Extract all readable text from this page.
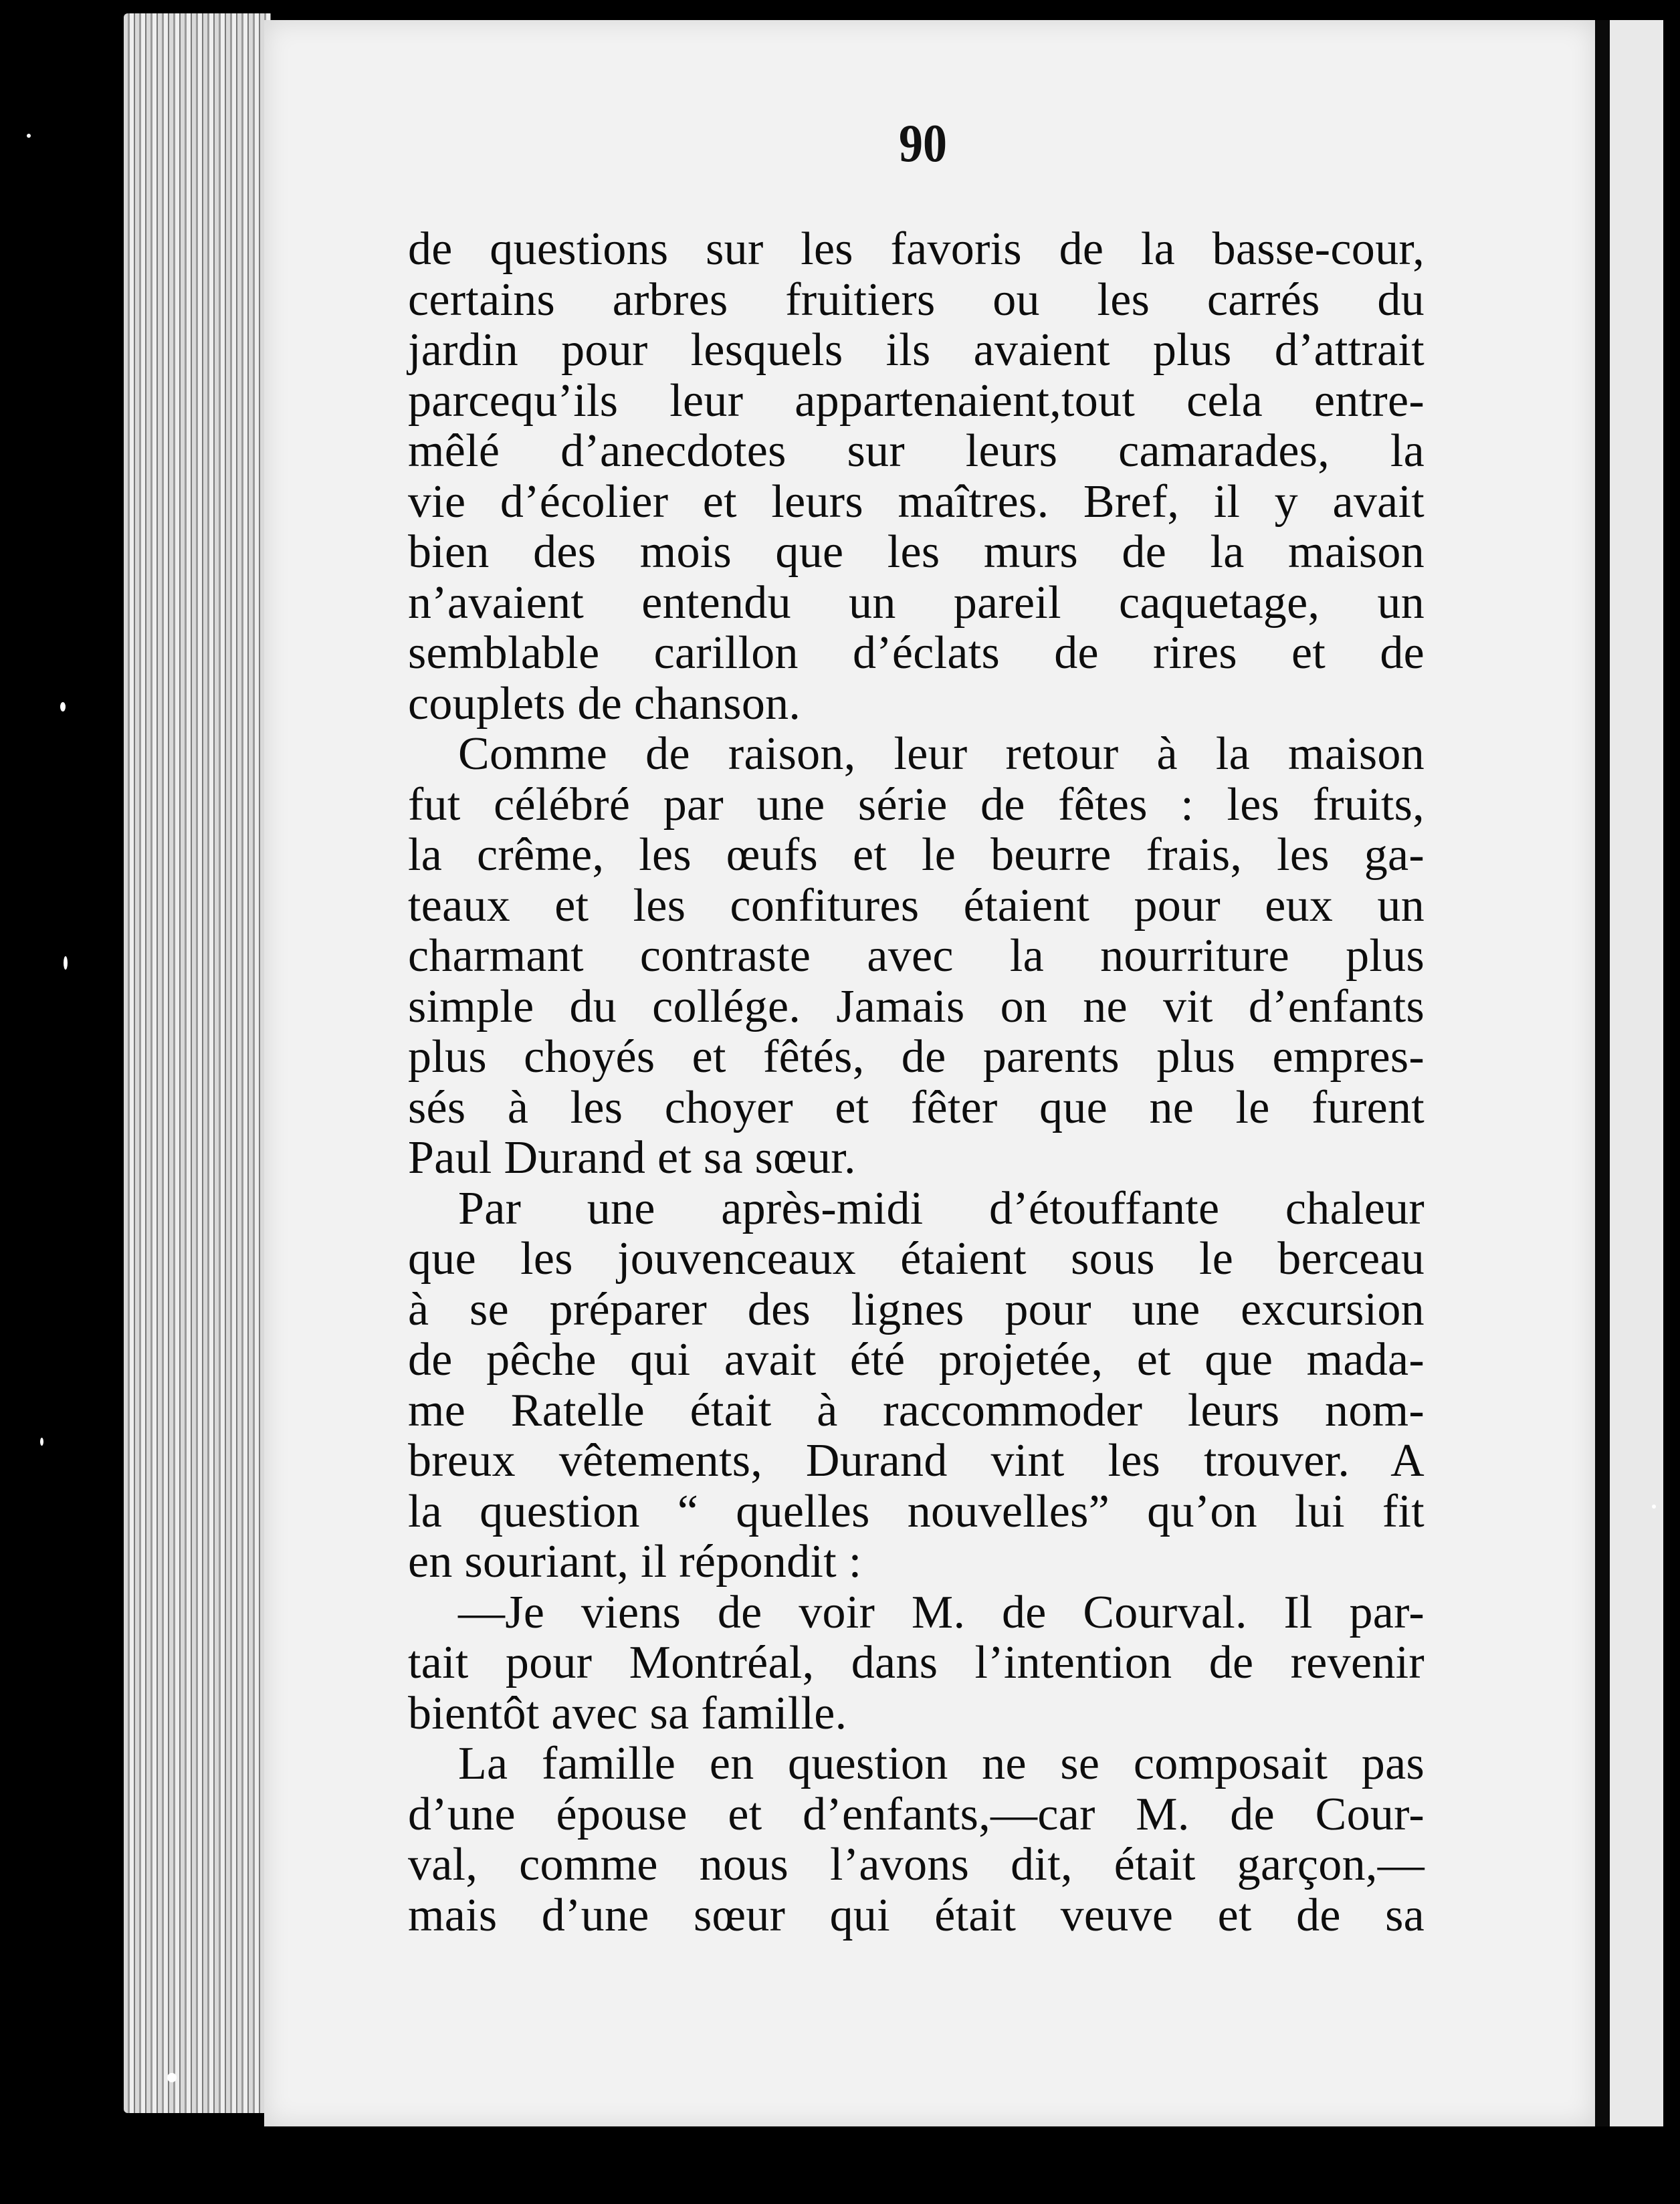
90
de questions sur les favoris de la basse-cour,
certains arbres fruitiers ou les carrés du
jardin pour lesquels ils avaient plus d’attrait
parcequ’ils leur appartenaient,tout cela entre-
mêlé d’anecdotes sur leurs camarades, la
vie d’écolier et leurs maîtres. Bref, il y avait
bien des mois que les murs de la maison
n’avaient entendu un pareil caquetage, un
semblable carillon d’éclats de rires et de
couplets de chanson.
Comme de raison, leur retour à la maison
fut célébré par une série de fêtes : les fruits,
la crême, les œufs et le beurre frais, les ga-
teaux et les confitures étaient pour eux un
charmant contraste avec la nourriture plus
simple du collége. Jamais on ne vit d’enfants
plus choyés et fêtés, de parents plus empres-
sés à les choyer et fêter que ne le furent
Paul Durand et sa sœur.
Par une après-midi d’étouffante chaleur
que les jouvenceaux étaient sous le berceau
à se préparer des lignes pour une excursion
de pêche qui avait été projetée, et que mada-
me Ratelle était à raccommoder leurs nom-
breux vêtements, Durand vint les trouver. A
la question “ quelles nouvelles” qu’on lui fit
en souriant, il répondit :
—Je viens de voir M. de Courval. Il par-
tait pour Montréal, dans l’intention de revenir
bientôt avec sa famille.
La famille en question ne se composait pas
d’une épouse et d’enfants,—car M. de Cour-
val, comme nous l’avons dit, était garçon,—
mais d’une sœur qui était veuve et de sa
